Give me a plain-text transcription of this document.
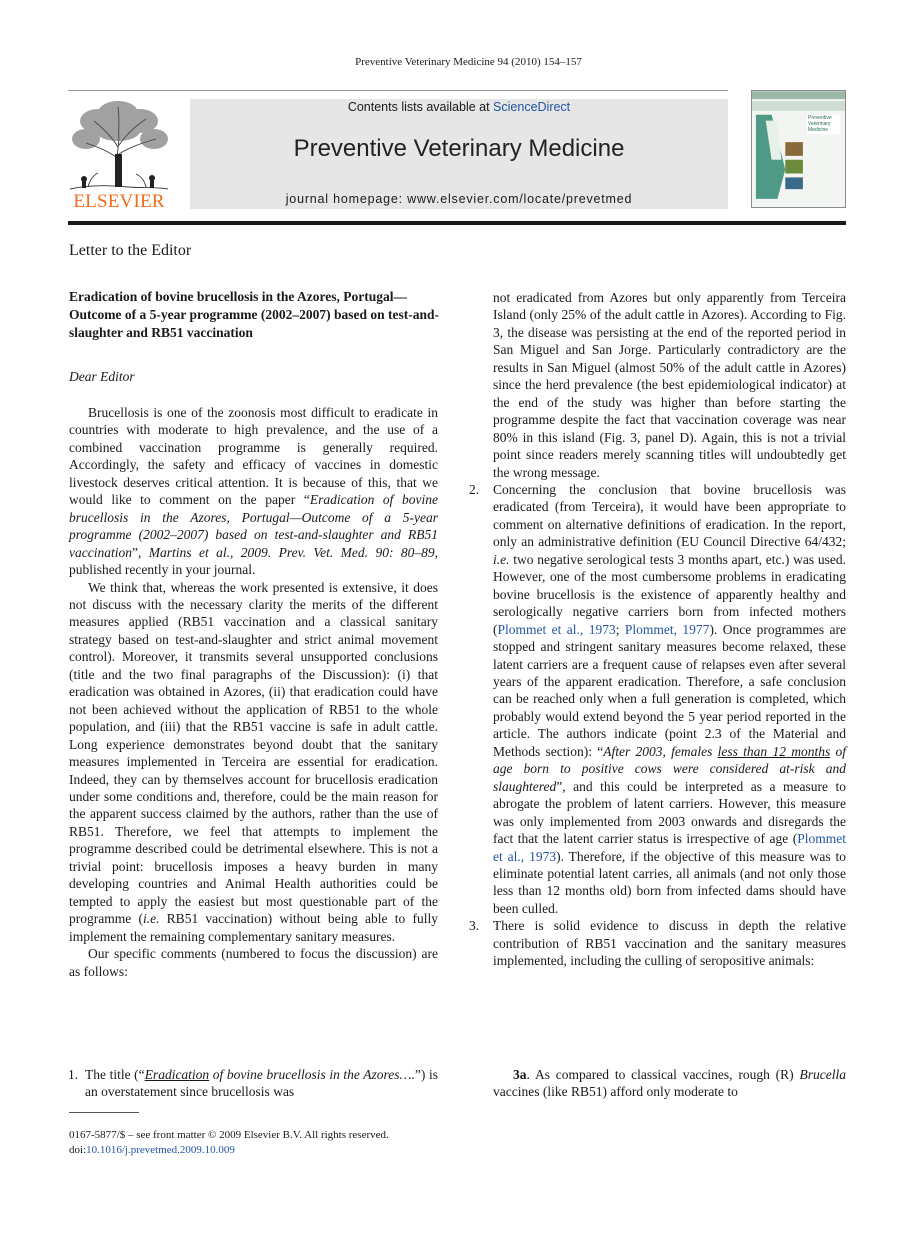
Preventive Veterinary Medicine 94 (2010) 154–157
ELSEVIER
Contents lists available at ScienceDirect
Preventive Veterinary Medicine
journal homepage: www.elsevier.com/locate/prevetmed
Preventive Veterinary Medicine
Letter to the Editor
Eradication of bovine brucellosis in the Azores, Portugal—Outcome of a 5-year programme (2002–2007) based on test-and-slaughter and RB51 vaccination
Dear Editor

Brucellosis is one of the zoonosis most difficult to eradicate in countries with moderate to high prevalence, and the use of a combined vaccination programme is generally required. Accordingly, the safety and efficacy of vaccines in domestic livestock deserves critical attention. It is because of this, that we would like to comment on the paper “Eradication of bovine brucellosis in the Azores, Portugal—Outcome of a 5-year programme (2002–2007) based on test-and-slaughter and RB51 vaccination”, Martins et al., 2009. Prev. Vet. Med. 90: 80–89, published recently in your journal.

We think that, whereas the work presented is extensive, it does not discuss with the necessary clarity the merits of the different measures applied (RB51 vaccination and a classical sanitary strategy based on test-and-slaughter and strict animal movement control). Moreover, it transmits several unsupported conclusions (title and the two final paragraphs of the Discussion): (i) that eradication was obtained in Azores, (ii) that eradication could have not been achieved without the application of RB51 to the whole population, and (iii) that the RB51 vaccine is safe in adult cattle. Long experience demonstrates beyond doubt that the sanitary measures implemented in Terceira are essential for eradication. Indeed, they can by themselves account for brucellosis eradication under some conditions and, therefore, could be the main reason for the apparent success claimed by the authors, rather than the use of RB51. Therefore, we feel that attempts to implement the programme described could be detrimental elsewhere. This is not a trivial point: brucellosis imposes a heavy burden in many developing countries and Animal Health authorities could be tempted to apply the easiest but most questionable part of the programme (i.e. RB51 vaccination) without being able to fully implement the remaining complementary sanitary measures.

Our specific comments (numbered to focus the discussion) are as follows:

1. The title (“Eradication of bovine brucellosis in the Azores….”) is an overstatement since brucellosis was
not eradicated from Azores but only apparently from Terceira Island (only 25% of the adult cattle in Azores). According to Fig. 3, the disease was persisting at the end of the reported period in San Miguel and San Jorge. Particularly contradictory are the results in San Miguel (almost 50% of the adult cattle in Azores) since the herd prevalence (the best epidemiological indicator) at the end of the study was higher than before starting the programme despite the fact that vaccination coverage was near 80% in this island (Fig. 3, panel D). Again, this is not a trivial point since readers merely scanning titles will undoubtedly get the wrong message.
2. Concerning the conclusion that bovine brucellosis was eradicated (from Terceira), it would have been appropriate to comment on alternative definitions of eradication. In the report, only an administrative definition (EU Council Directive 64/432; i.e. two negative serological tests 3 months apart, etc.) was used. However, one of the most cumbersome problems in eradicating bovine brucellosis is the existence of apparently healthy and serologically negative carriers born from infected mothers (Plommet et al., 1973; Plommet, 1977). Once programmes are stopped and stringent sanitary measures become relaxed, these latent carriers are a frequent cause of relapses even after several years of the apparent eradication. Therefore, a safe conclusion can be reached only when a full generation is completed, which probably would extend beyond the 5 year period reported in the article. The authors indicate (point 2.3 of the Material and Methods section): “After 2003, females less than 12 months of age born to positive cows were considered at-risk and slaughtered”, and this could be interpreted as a measure to abrogate the problem of latent carriers. However, this measure was only implemented from 2003 onwards and disregards the fact that the latent carrier status is irrespective of age (Plommet et al., 1973). Therefore, if the objective of this measure was to eliminate potential latent carries, all animals (and not only those less than 12 months old) born from infected dams should have been culled.
3. There is solid evidence to discuss in depth the relative contribution of RB51 vaccination and the sanitary measures implemented, including the culling of seropositive animals:
3a. As compared to classical vaccines, rough (R) Brucella vaccines (like RB51) afford only moderate to
0167-5877/$ – see front matter © 2009 Elsevier B.V. All rights reserved.
doi:10.1016/j.prevetmed.2009.10.009
